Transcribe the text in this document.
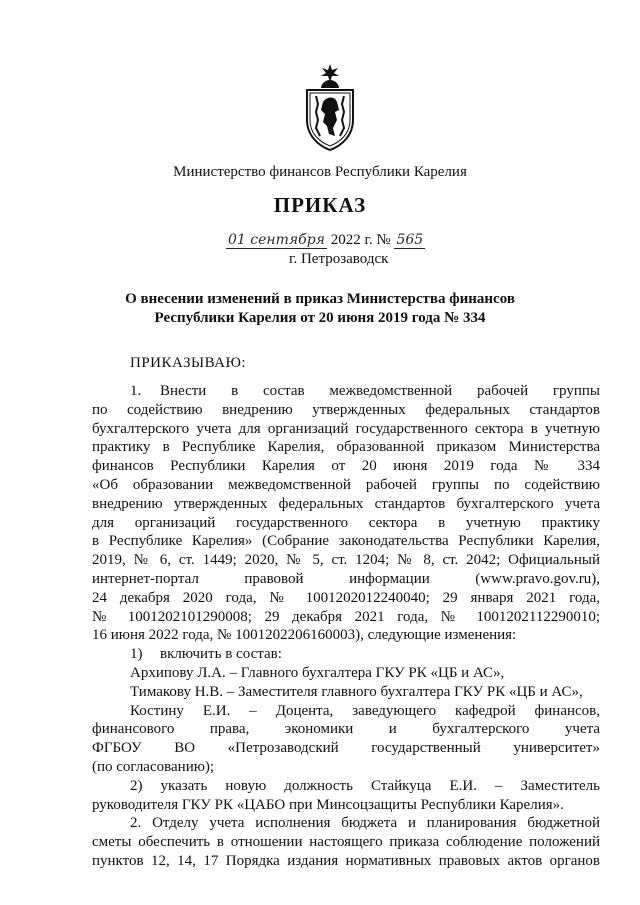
Министерство финансов Республики Карелия
ПРИКАЗ
01 сентября 2022 г. № 565
г. Петрозаводск
О внесении изменений в приказ Министерства финансов
Республики Карелия от 20 июня 2019 года № 334
ПРИКАЗЫВАЮ:

1. Внести в состав межведомственной рабочей группы

по содействию внедрению утвержденных федеральных стандартов

бухгалтерского учета для организаций государственного сектора в учетную

практику в Республике Карелия, образованной приказом Министерства

финансов Республики Карелия от 20 июня 2019 года № 334

«Об образовании межведомственной рабочей группы по содействию

внедрению утвержденных федеральных стандартов бухгалтерского учета

для организаций государственного сектора в учетную практику

в Республике Карелия» (Собрание законодательства Республики Карелия,

2019, № 6, ст. 1449; 2020, № 5, ст. 1204; № 8, ст. 2042; Официальный

интернет-портал правовой информации (www.pravo.gov.ru),

24 декабря 2020 года, № 1001202012240040; 29 января 2021 года,

№ 1001202101290008; 29 декабря 2021 года, № 1001202112290010;

16 июня 2022 года, № 1001202206160003), следующие изменения:

1) включить в состав:

Архипову Л.А. – Главного бухгалтера ГКУ РК «ЦБ и АС»,

Тимакову Н.В. – Заместителя главного бухгалтера ГКУ РК «ЦБ и АС»,

Костину Е.И. – Доцента, заведующего кафедрой финансов,

финансового права, экономики и бухгалтерского учета

ФГБОУ ВО «Петрозаводский государственный университет»

(по согласованию);

2) указать новую должность Стайкуца Е.И. – Заместитель

руководителя ГКУ РК «ЦАБО при Минсоцзащиты Республики Карелия».

2. Отделу учета исполнения бюджета и планирования бюджетной

сметы обеспечить в отношении настоящего приказа соблюдение положений

пунктов 12, 14, 17 Порядка издания нормативных правовых актов органов
